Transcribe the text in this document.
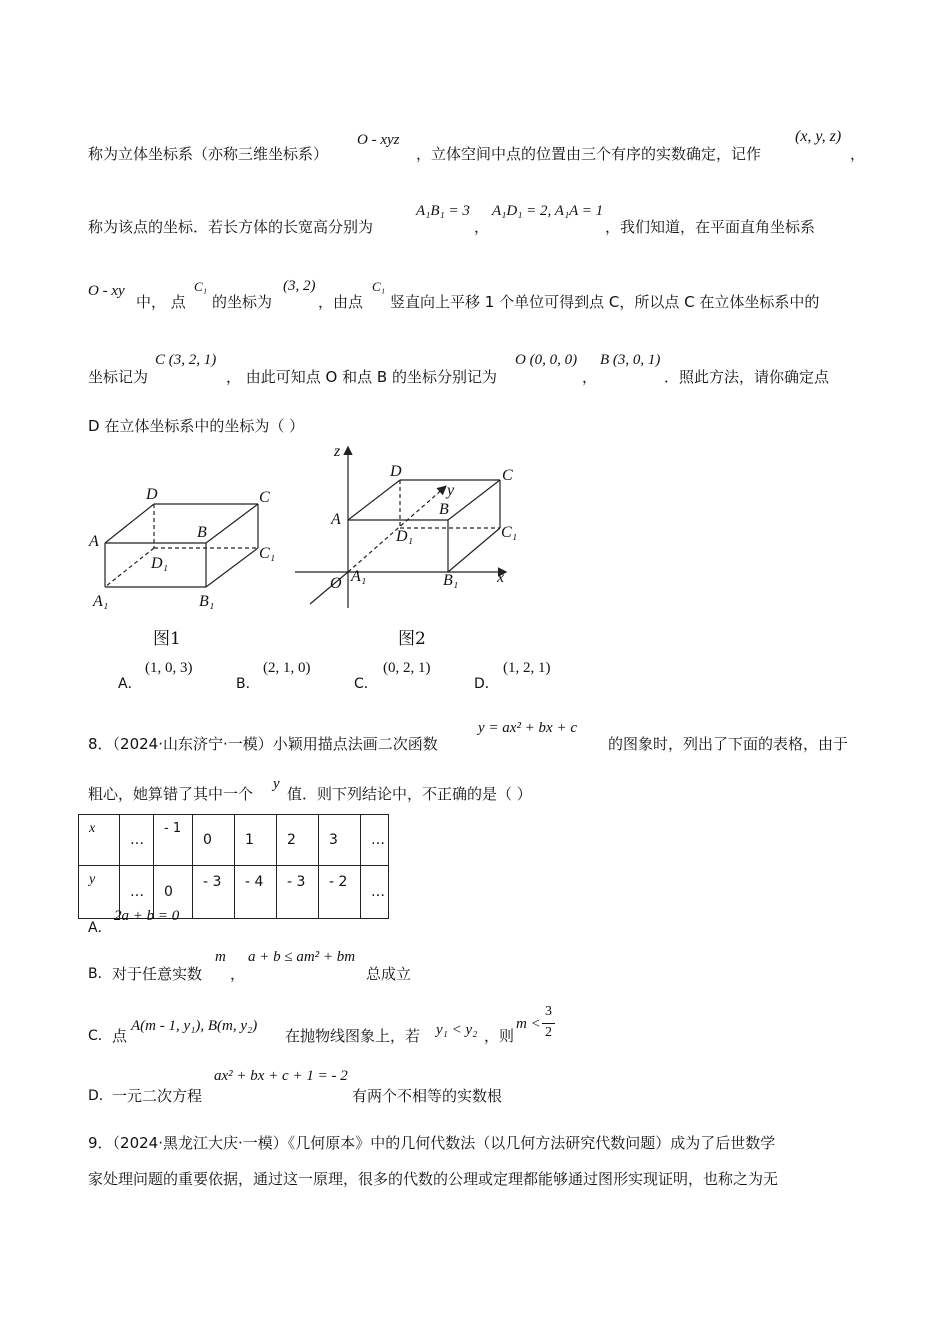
称为立体坐标系（亦称三维坐标系）
O - xyz
，立体空间中点的位置由三个有序的实数确定，记作
(x, y, z)
，
称为该点的坐标．若长方体的长宽高分别为
A₁B₁ = 3
，
A₁D₁ = 2, A₁A = 1
，我们知道，在平面直角坐标系
O - xy
中， 点
C₁
的坐标为
(3, 2)
，由点
C₁
竖直向上平移 1 个单位可得到点 C，所以点 C 在立体坐标系中的
坐标记为
C (3, 2, 1)
， 由此可知点 O 和点 B 的坐标分别记为
O (0, 0, 0)
，
B (3, 0, 1)
．照此方法，请你确定点
D 在立体坐标系中的坐标为（ ）
A
D	C
B
D₁
C₁
A₁	B₁
图1
z
y
x
O
A
D	C
B
D₁	C₁
A₁	B₁
图2
A．
(1, 0, 3)
B．
(2, 1, 0)
C．
(0, 2, 1)
D．
(1, 2, 1)
8．（2024·山东济宁·一模）小颖用描点法画二次函数
y = ax² + bx + c
的图象时，列出了下面的表格，由于
粗心，她算错了其中一个
y
值．则下列结论中，不正确的是（ ）
x	…	- 1	0	1	2	3	…
y	…	0	- 3	- 4	- 3	- 2	…
A．
2a + b = 0
B． 对于任意实数
m
，
a + b ≤ am² + bm
总成立
C． 点
A(m - 1, y₁), B(m, y₂)
在抛物线图象上，若 y₁ < y₂ ，则
m <
3
2
D． 一元二次方程
ax² + bx + c + 1 = - 2
有两个不相等的实数根
9．（2024·黑龙江大庆·一模）《几何原本》中的几何代数法（以几何方法研究代数问题）成为了后世数学
家处理问题的重要依据，通过这一原理，很多的代数的公理或定理都能够通过图形实现证明，也称之为无
